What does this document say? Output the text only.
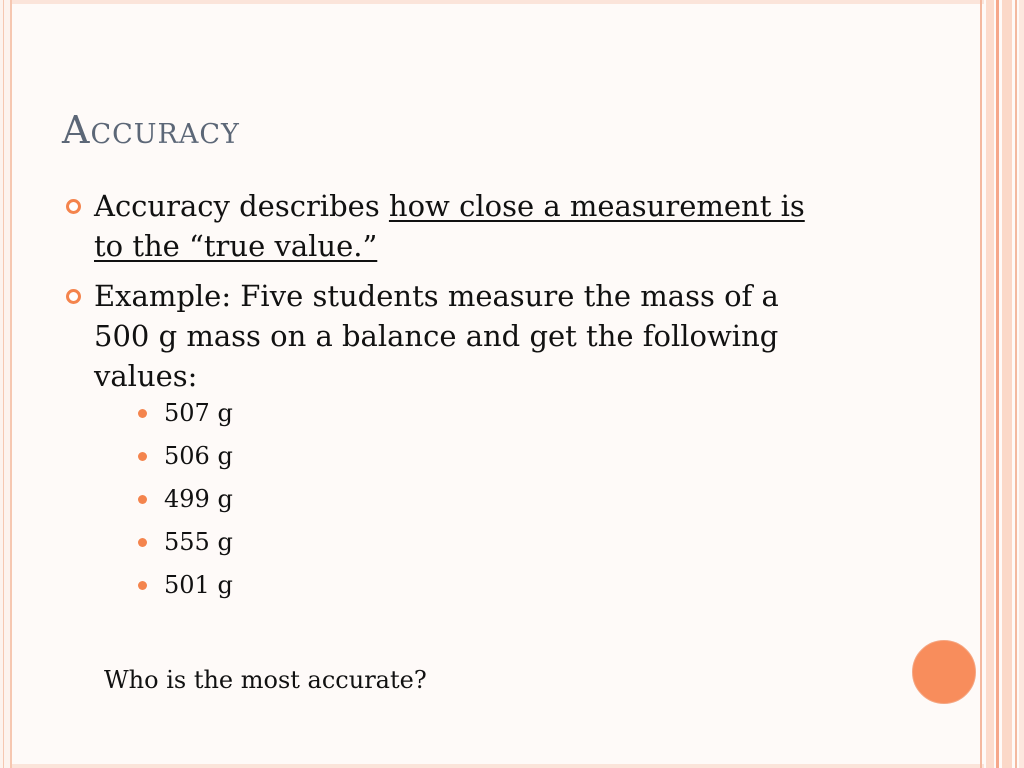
Accuracy
Accuracy describes how close a measurement is
to the “true value.”
Example: Five students measure the mass of a
500 g mass on a balance and get the following
values:
507 g
506 g
499 g
555 g
501 g
Who is the most accurate?
